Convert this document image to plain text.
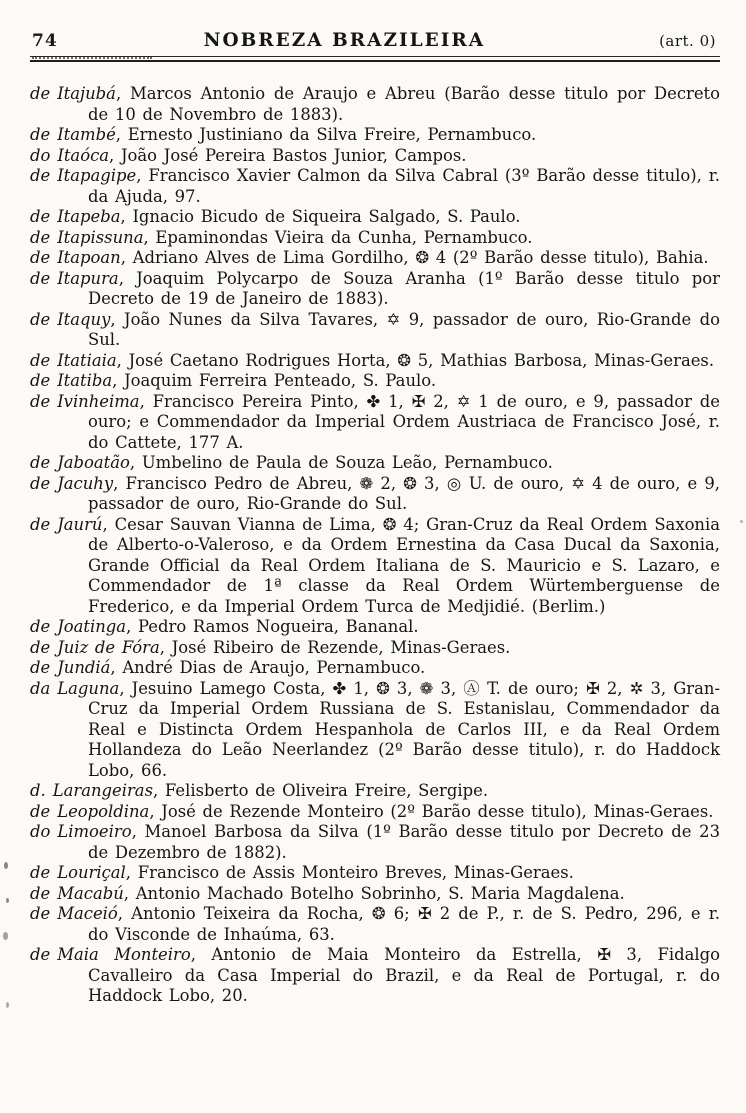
74	NOBREZA BRAZILEIRA	(art. 0)

de Itajubá , Marcos Antonio de Araujo e Abreu (Barão desse titulo por Decreto de 10 de Novembro de 1883).

de Itambé , Ernesto Justiniano da Silva Freire, Pernambuco.

do Itaóca , João José Pereira Bastos Junior, Campos.

de Itapagipe , Francisco Xavier Calmon da Silva Cabral (3º Barão desse titulo), r. da Ajuda, 97.

de Itapeba , Ignacio Bicudo de Siqueira Salgado, S. Paulo.

de Itapissuna , Epaminondas Vieira da Cunha, Pernambuco.

de Itapoan , Adriano Alves de Lima Gordilho, ❂ 4 (2º Barão desse titulo), Bahia.

de Itapura , Joaquim Polycarpo de Souza Aranha (1º Barão desse titulo por Decreto de 19 de Janeiro de 1883).

de Itaquy , João Nunes da Silva Tavares, ✡ 9, passador de ouro, Rio-Grande do Sul.

de Itatiaia , José Caetano Rodrigues Horta, ❂ 5, Mathias Barbosa, Minas-Geraes.

de Itatiba , Joaquim Ferreira Penteado, S. Paulo.

de Ivinheima , Francisco Pereira Pinto, ✤ 1, ✠ 2, ✡ 1 de ouro, e 9, passador de ouro; e Commendador da Imperial Ordem Austriaca de Francisco José, r. do Cattete, 177 A.

de Jaboatão , Umbelino de Paula de Souza Leão, Pernambuco.

de Jacuhy , Francisco Pedro de Abreu, ❁ 2, ❂ 3, ◎ U. de ouro, ✡ 4 de ouro, e 9, passador de ouro, Rio-Grande do Sul.

de Jaurú , Cesar Sauvan Vianna de Lima, ❂ 4; Gran-Cruz da Real Ordem Saxonia de Alberto-o-Valeroso, e da Ordem Ernestina da Casa Ducal da Saxonia, Grande Official da Real Ordem Italiana de S. Mauricio e S. Lazaro, e Commendador de 1ª classe da Real Ordem Würtemberguense de Frederico, e da Imperial Ordem Turca de Medjidié. (Berlim.)

de Joatinga , Pedro Ramos Nogueira, Bananal.

de Juiz de Fóra , José Ribeiro de Rezende, Minas-Geraes.

de Jundiá , André Dias de Araujo, Pernambuco.

da Laguna , Jesuino Lamego Costa, ✤ 1, ❂ 3, ❁ 3, Ⓐ T. de ouro; ✠ 2, ✲ 3, Gran-Cruz da Imperial Ordem Russiana de S. Estanislau, Commendador da Real e Distincta Ordem Hespanhola de Carlos III, e da Real Ordem Hollandeza do Leão Neerlandez (2º Barão desse titulo), r. do Haddock Lobo, 66.

d. Larangeiras , Felisberto de Oliveira Freire, Sergipe.

de Leopoldina , José de Rezende Monteiro (2º Barão desse titulo), Minas-Geraes.

do Limoeiro , Manoel Barbosa da Silva (1º Barão desse titulo por Decreto de 23 de Dezembro de 1882).

de Louriçal , Francisco de Assis Monteiro Breves, Minas-Geraes.

de Macabú , Antonio Machado Botelho Sobrinho, S. Maria Magdalena.

de Maceió , Antonio Teixeira da Rocha, ❂ 6; ✠ 2 de P., r. de S. Pedro, 296, e r. do Visconde de Inhaúma, 63.

de Maia Monteiro , Antonio de Maia Monteiro da Estrella, ✠ 3, Fidalgo Cavalleiro da Casa Imperial do Brazil, e da Real de Portugal, r. do Haddock Lobo, 20.
